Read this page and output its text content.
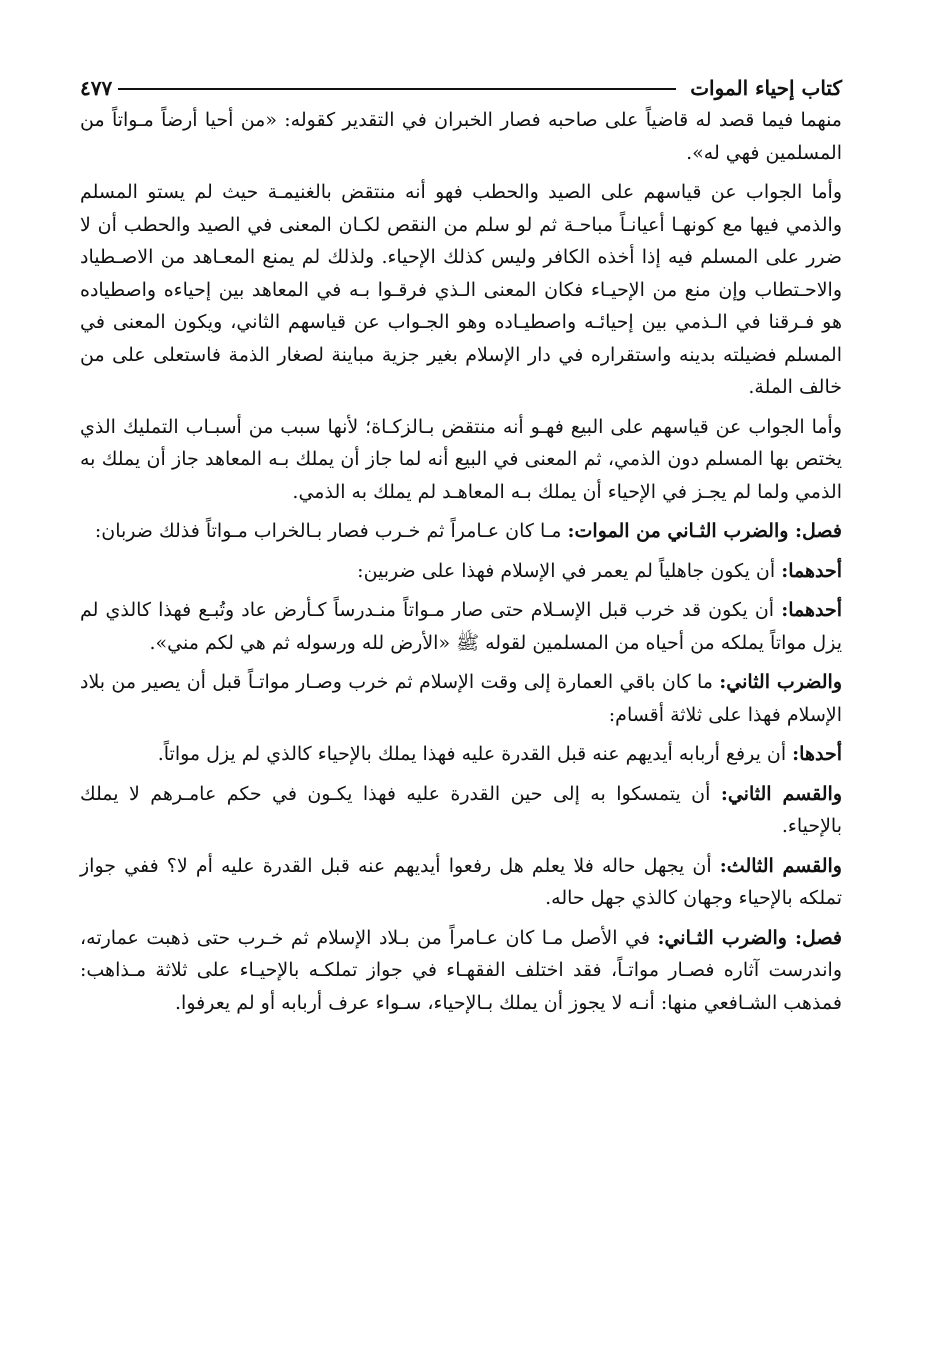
كتاب إحياء الموات
٤٧٧

منهما فيما قصد له قاضياً على صاحبه فصار الخبران في التقدير كقوله: «من أحيا أرضاً مـواتاً من المسلمين فهي له».

وأما الجواب عن قياسهم على الصيد والحطب فهو أنه منتقض بالغنيمـة حيث لم يستو المسلم والذمي فيها مع كونهـا أعيانـاً مباحـة ثم لو سلم من النقص لكـان المعنى في الصيد والحطب أن لا ضرر على المسلم فيه إذا أخذه الكافر وليس كذلك الإحياء. ولذلك لم يمنع المعـاهد من الاصـطياد والاحـتطاب وإن منع من الإحيـاء فكان المعنى الـذي فرقـوا بـه في المعاهد بين إحياءه واصطياده هو فـرقنا في الـذمي بين إحيائـه واصطيـاده وهو الجـواب عن قياسهم الثاني، ويكون المعنى في المسلم فضيلته بدينه واستقراره في دار الإسلام بغير جزية مباينة لصغار الذمة فاستعلى على من خالف الملة.

وأما الجواب عن قياسهم على البيع فهـو أنه منتقض بـالزكـاة؛ لأنها سبب من أسبـاب التمليك الذي يختص بها المسلم دون الذمي، ثم المعنى في البيع أنه لما جاز أن يملك بـه المعاهد جاز أن يملك به الذمي ولما لم يجـز في الإحياء أن يملك بـه المعاهـد لم يملك به الذمي.

فصل: والضرب الثـاني من الموات: مـا كان عـامراً ثم خـرب فصار بـالخراب مـواتاً فذلك ضربان:

أحدهما: أن يكون جاهلياً لم يعمر في الإسلام فهذا على ضربين:

أحدهما: أن يكون قد خرب قبل الإسـلام حتى صار مـواتاً منـدرساً كـأرض عاد وتُبـع فهذا كالذي لم يزل مواتاً يملكه من أحياه من المسلمين لقوله ﷺ «الأرض لله ورسوله ثم هي لكم مني».

والضرب الثاني: ما كان باقي العمارة إلى وقت الإسلام ثم خرب وصـار مواتـاً قبل أن يصير من بلاد الإسلام فهذا على ثلاثة أقسام:

أحدها: أن يرفع أربابه أيديهم عنه قبل القدرة عليه فهذا يملك بالإحياء كالذي لم يزل مواتاً.

والقسم الثاني: أن يتمسكوا به إلى حين القدرة عليه فهذا يكـون في حكم عامـرهم لا يملك بالإحياء.

والقسم الثالث: أن يجهل حاله فلا يعلم هل رفعوا أيديهم عنه قبل القدرة عليه أم لا؟ ففي جواز تملكه بالإحياء وجهان كالذي جهل حاله.

فصل: والضرب الثـاني: في الأصل مـا كان عـامراً من بـلاد الإسلام ثم خـرب حتى ذهبت عمارته، واندرست آثاره فصـار مواتـاً، فقد اختلف الفقهـاء في جواز تملكـه بالإحيـاء على ثلاثة مـذاهب: فمذهب الشـافعي منها: أنـه لا يجوز أن يملك بـالإحياء، سـواء عرف أربابه أو لم يعرفوا.
